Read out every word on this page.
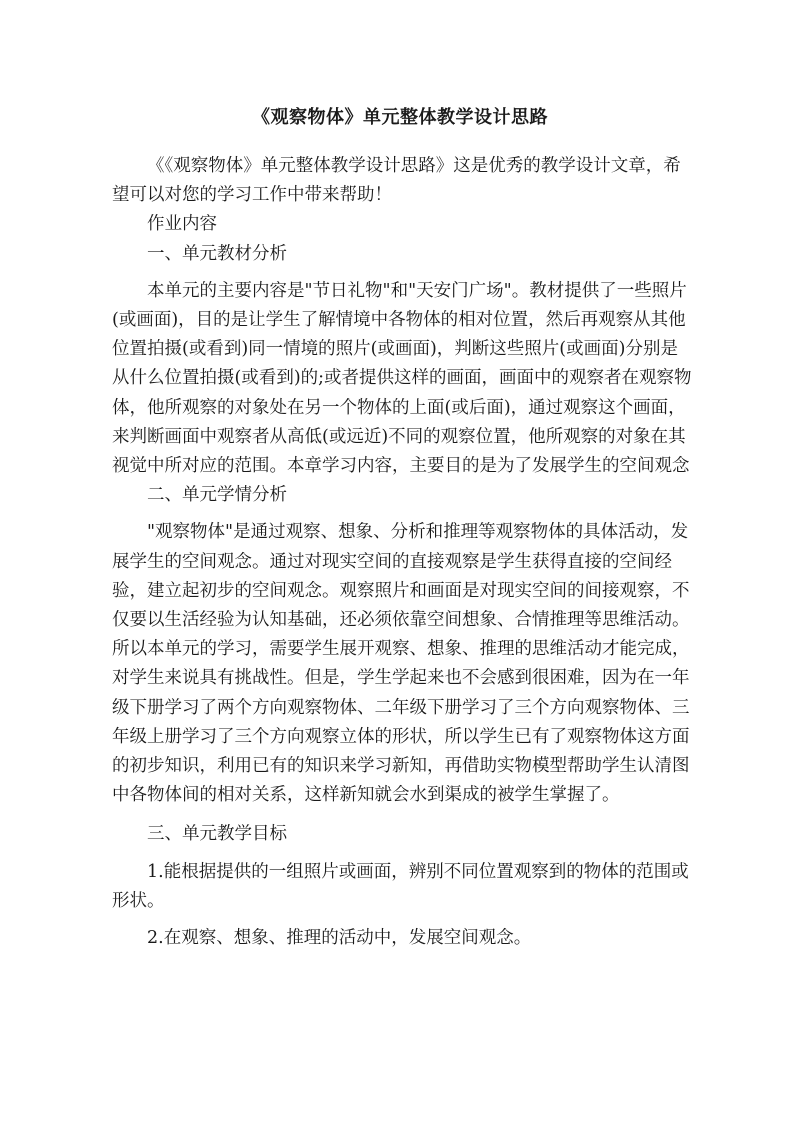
《观察物体》单元整体教学设计思路

《《观察物体》单元整体教学设计思路》这是优秀的教学设计文章，希望可以对您的学习工作中带来帮助！

作业内容

一、单元教材分析

本单元的主要内容是"节日礼物"和"天安门广场"。教材提供了一些照片(或画面)，目的是让学生了解情境中各物体的相对位置，然后再观察从其他位置拍摄(或看到)同一情境的照片(或画面)，判断这些照片(或画面)分别是从什么位置拍摄(或看到)的;或者提供这样的画面，画面中的观察者在观察物体，他所观察的对象处在另一个物体的上面(或后面)，通过观察这个画面，来判断画面中观察者从高低(或远近)不同的观察位置，他所观察的对象在其视觉中所对应的范围。本章学习内容，主要目的是为了发展学生的空间观念

二、单元学情分析

"观察物体"是通过观察、想象、分析和推理等观察物体的具体活动，发展学生的空间观念。通过对现实空间的直接观察是学生获得直接的空间经验，建立起初步的空间观念。观察照片和画面是对现实空间的间接观察，不仅要以生活经验为认知基础，还必须依靠空间想象、合情推理等思维活动。所以本单元的学习，需要学生展开观察、想象、推理的思维活动才能完成，对学生来说具有挑战性。但是，学生学起来也不会感到很困难，因为在一年级下册学习了两个方向观察物体、二年级下册学习了三个方向观察物体、三年级上册学习了三个方向观察立体的形状，所以学生已有了观察物体这方面的初步知识，利用已有的知识来学习新知，再借助实物模型帮助学生认清图中各物体间的相对关系，这样新知就会水到渠成的被学生掌握了。

三、单元教学目标

1.能根据提供的一组照片或画面，辨别不同位置观察到的物体的范围或形状。

2.在观察、想象、推理的活动中，发展空间观念。
